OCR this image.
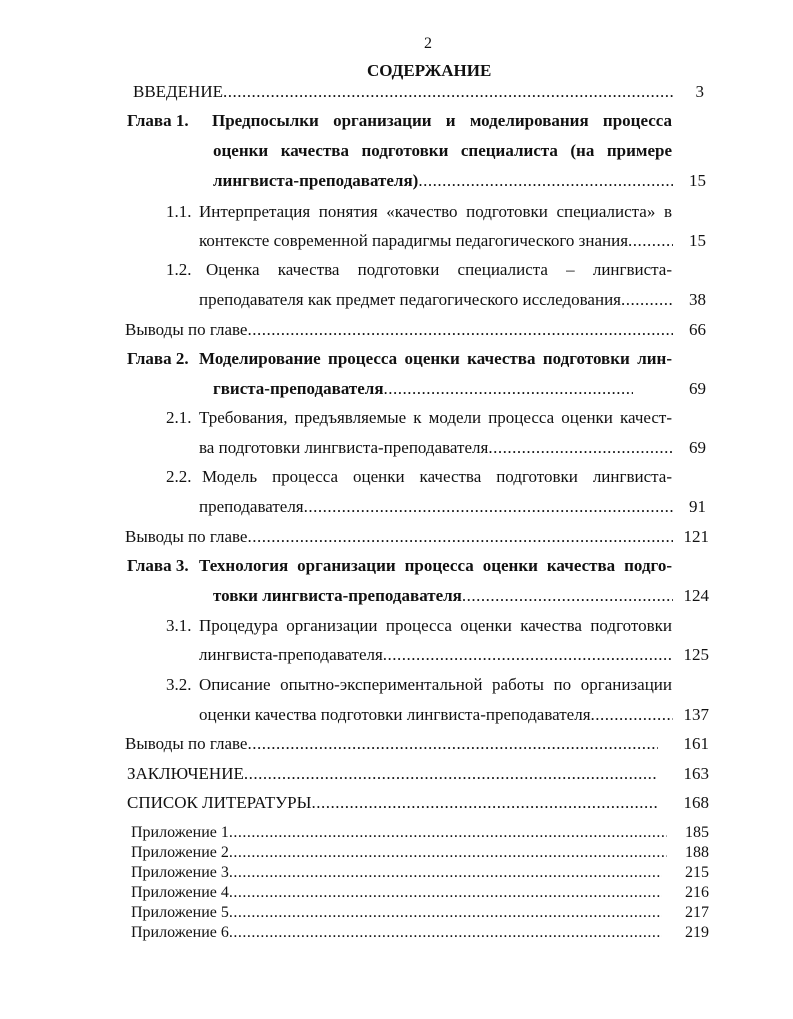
2
СОДЕРЖАНИЕ
ВВЕДЕНИЕ .....	3
Глава 1. Предпосылки организации и моделирования процесса
оценки качества подготовки специалиста (на примере
лингвиста-преподавателя) .....	15
1.1. Интерпретация понятия «качество подготовки специалиста» в
контексте современной парадигмы педагогического знания .....	15
1.2. Оценка качества подготовки специалиста – лингвиста-
преподавателя как предмет педагогического исследования .....	38
Выводы по главе .....	66
Глава 2. Моделирование процесса оценки качества подготовки лин-
гвиста-преподавателя .....	69
2.1. Требования, предъявляемые к модели процесса оценки качест-
ва подготовки лингвиста-преподавателя .....	69
2.2. Модель процесса оценки качества подготовки лингвиста-
преподавателя .....	91
Выводы по главе .....	121
Глава 3. Технология организации процесса оценки качества подго-
товки лингвиста-преподавателя .....	124
3.1. Процедура организации процесса оценки качества подготовки
лингвиста-преподавателя .....	125
3.2. Описание опытно-экспериментальной работы по организации
оценки качества подготовки лингвиста-преподавателя .....	137
Выводы по главе .....	161
ЗАКЛЮЧЕНИЕ .....	163
СПИСОК ЛИТЕРАТУРЫ .....	168
Приложение 1 .....	185
Приложение 2 .....	188
Приложение 3 .....	215
Приложение 4 .....	216
Приложение 5 .....	217
Приложение 6 .....	219
